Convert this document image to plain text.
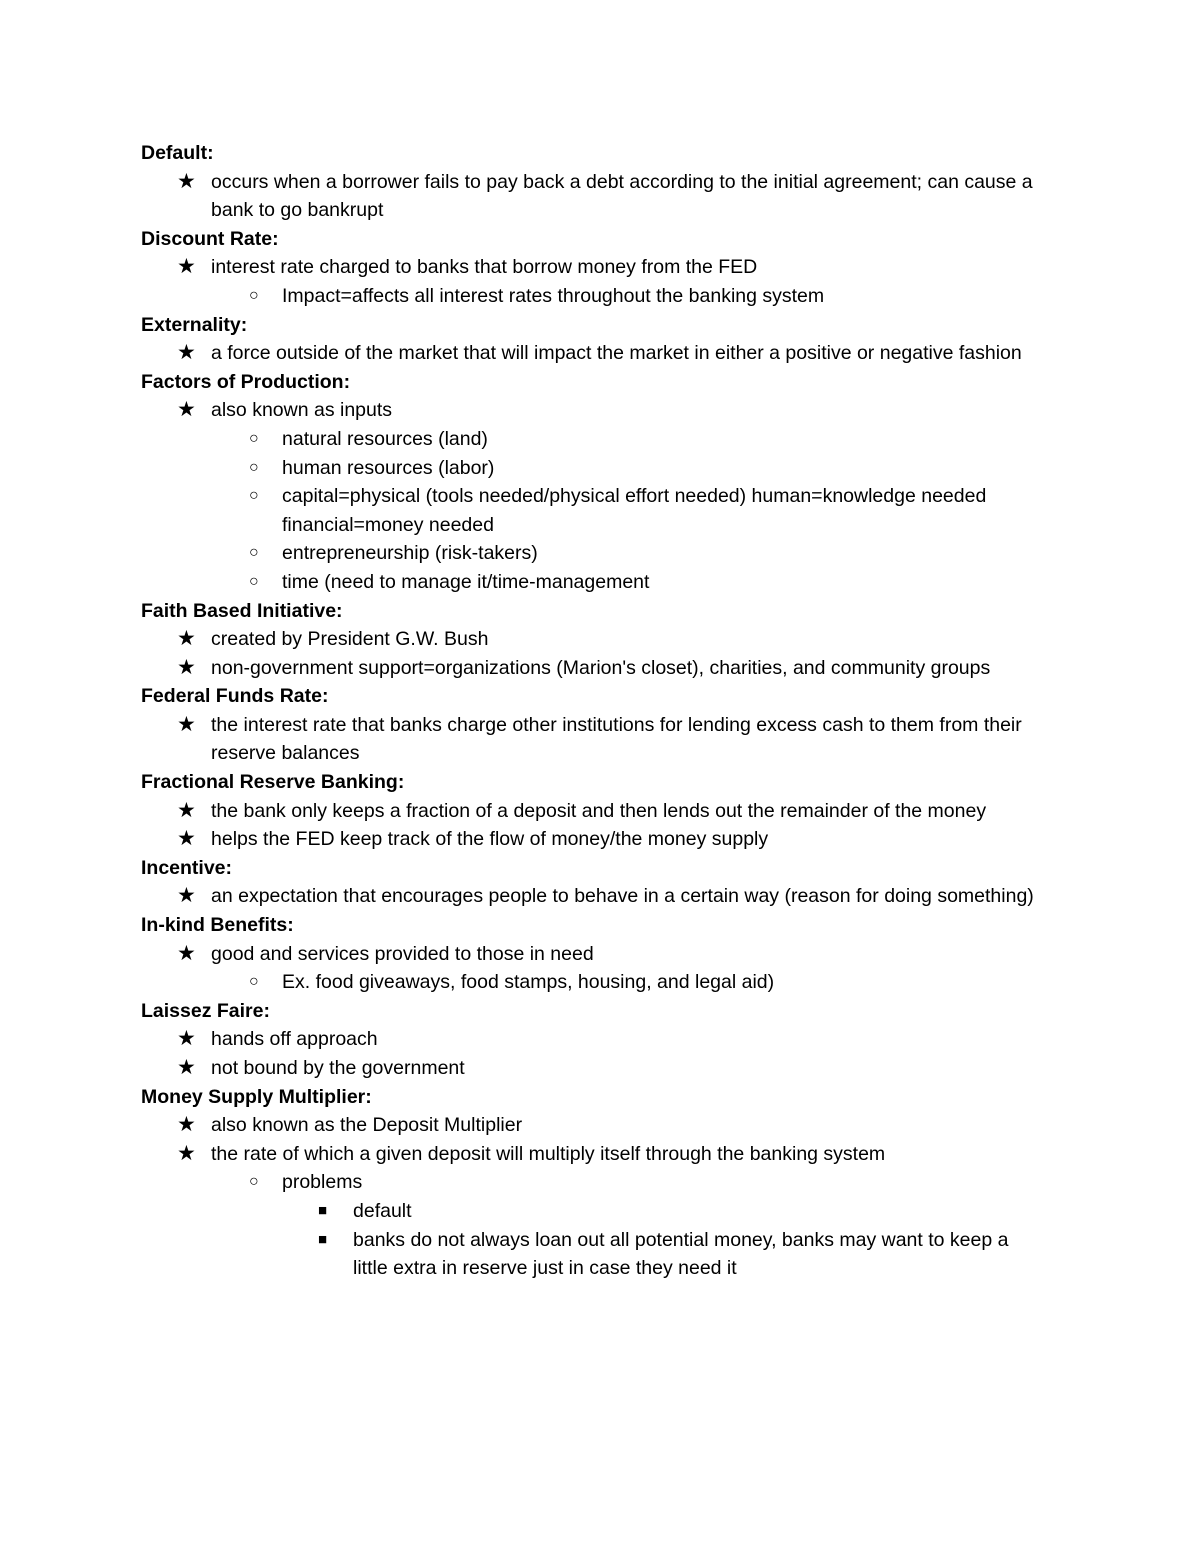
Default:
★ occurs when a borrower fails to pay back a debt according to the initial agreement; can cause a bank to go bankrupt
Discount Rate:
★ interest rate charged to banks that borrow money from the FED
○ Impact=affects all interest rates throughout the banking system
Externality:
★ a force outside of the market that will impact the market in either a positive or negative fashion
Factors of Production:
★ also known as inputs
○ natural resources (land)
○ human resources (labor)
○ capital=physical (tools needed/physical effort needed) human=knowledge needed financial=money needed
○ entrepreneurship (risk-takers)
○ time (need to manage it/time-management
Faith Based Initiative:
★ created by President G.W. Bush
★ non-government support=organizations (Marion's closet), charities, and community groups
Federal Funds Rate:
★ the interest rate that banks charge other institutions for lending excess cash to them from their reserve balances
Fractional Reserve Banking:
★ the bank only keeps a fraction of a deposit and then lends out the remainder of the money
★ helps the FED keep track of the flow of money/the money supply
Incentive:
★ an expectation that encourages people to behave in a certain way (reason for doing something)
In-kind Benefits:
★ good and services provided to those in need
○ Ex. food giveaways, food stamps, housing, and legal aid)
Laissez Faire:
★ hands off approach
★ not bound by the government
Money Supply Multiplier:
★ also known as the Deposit Multiplier
★ the rate of which a given deposit will multiply itself through the banking system
○ problems
■ default
■ banks do not always loan out all potential money, banks may want to keep a little extra in reserve just in case they need it
